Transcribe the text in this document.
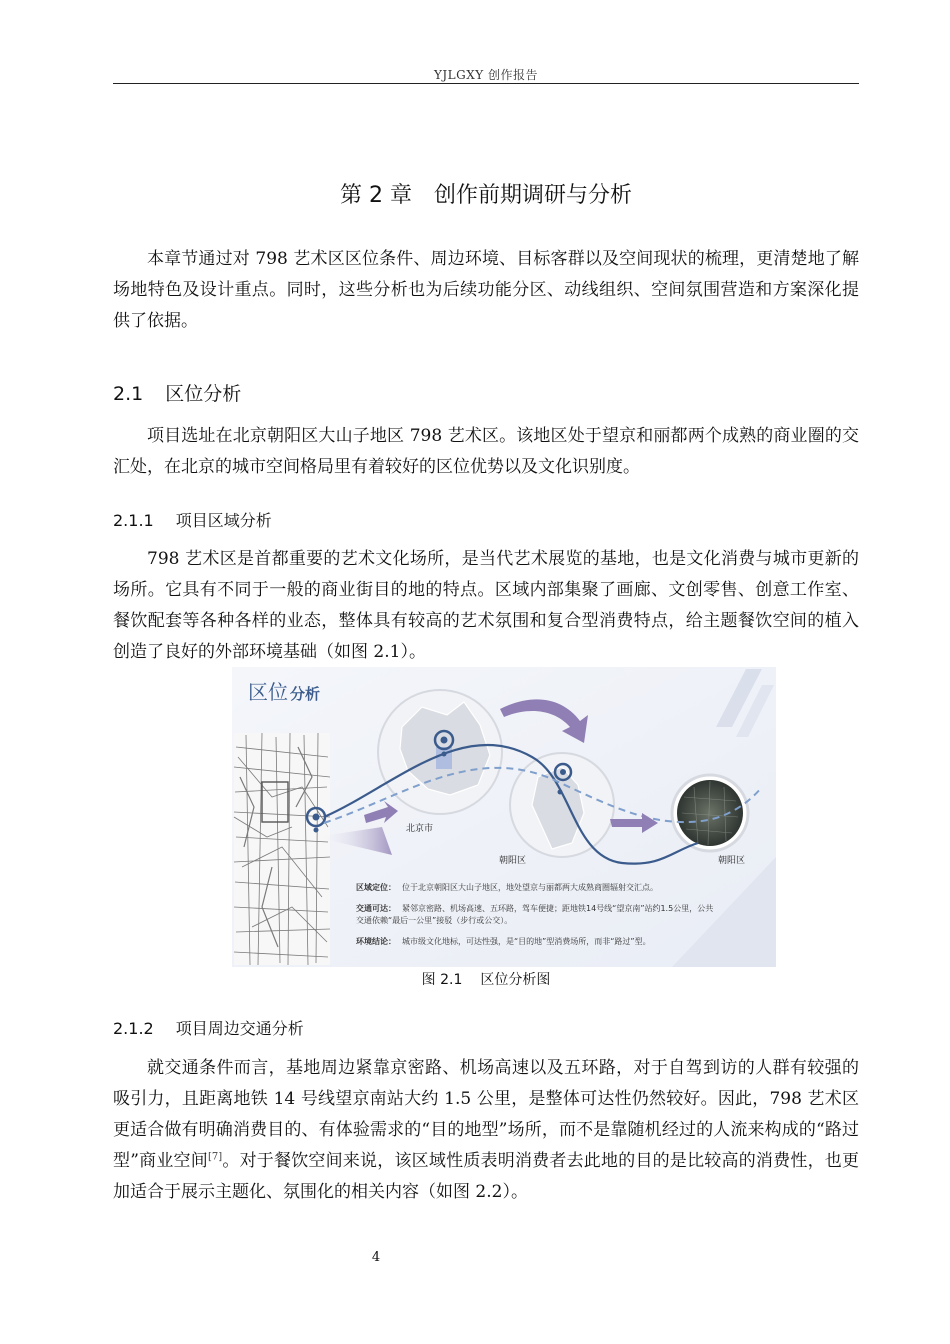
YJLGXY 创作报告
第 2 章　创作前期调研与分析

本章节通过对 798 艺术区区位条件、周边环境、目标客群以及空间现状的梳理，更清楚地了解场地特色及设计重点。同时，这些分析也为后续功能分区、动线组织、空间氛围营造和方案深化提供了依据。

2.1 区位分析

项目选址在北京朝阳区大山子地区 798 艺术区。该地区处于望京和丽都两个成熟的商业圈的交汇处，在北京的城市空间格局里有着较好的区位优势以及文化识别度。

2.1.1 项目区域分析

798 艺术区是首都重要的艺术文化场所，是当代艺术展览的基地，也是文化消费与城市更新的场所。它具有不同于一般的商业街目的地的特点。区域内部集聚了画廊、文创零售、创意工作室、餐饮配套等各种各样的业态，整体具有较高的艺术氛围和复合型消费特点，给主题餐饮空间的植入创造了良好的外部环境基础（如图 2.1）。

区位 分析
北京市
朝阳区	朝阳区
区域定位： 位于北京朝阳区大山子地区，地处望京与丽都两大成熟商圈辐射交汇点。
交通可达： 紧邻京密路、机场高速、五环路，驾车便捷；距地铁14号线“望京南”站约1.5公里，公共
交通依赖“最后一公里”接驳（步行或公交）。
环境结论： 城市级文化地标，可达性强，是“目的地”型消费场所，而非“路过”型。
图 2.1 区位分析图
2.1.2 项目周边交通分析

就交通条件而言，基地周边紧靠京密路、机场高速以及五环路，对于自驾到访的人群有较强的吸引力，且距离地铁 14 号线望京南站大约 1.5 公里，是整体可达性仍然较好。因此，798 艺术区更适合做有明确消费目的、有体验需求的“目的地型”场所，而不是靠随机经过的人流来构成的“路过型”商业空间[7]。对于餐饮空间来说，该区域性质表明消费者去此地的目的是比较高的消费性，也更加适合于展示主题化、氛围化的相关内容（如图 2.2）。

4
